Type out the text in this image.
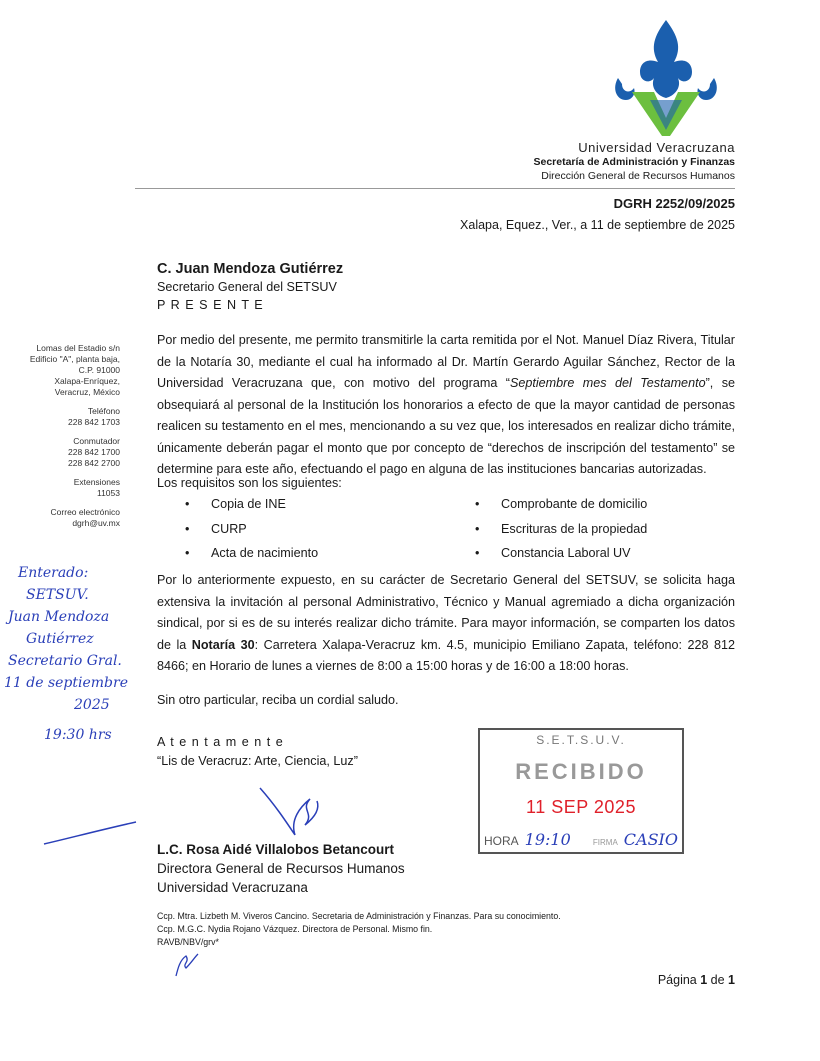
Universidad Veracruzana
Secretaría de Administración y Finanzas
Dirección General de Recursos Humanos
DGRH 2252/09/2025
Xalapa, Equez., Ver., a 11 de septiembre de 2025

Lomas del Estadio s/n
Edificio "A", planta baja,
C.P. 91000
Xalapa-Enríquez,
Veracruz, México

Teléfono
228 842 1703

Conmutador
228 842 1700
228 842 2700

Extensiones
11053

Correo electrónico
dgrh@uv.mx

C. Juan Mendoza Gutiérrez
Secretario General del SETSUV
P R E S E N T E
Por medio del presente, me permito transmitirle la carta remitida por el Not. Manuel Díaz Rivera, Titular de la Notaría 30, mediante el cual ha informado al Dr. Martín Gerardo Aguilar Sánchez, Rector de la Universidad Veracruzana que, con motivo del programa “Septiembre mes del Testamento”, se obsequiará al personal de la Institución los honorarios a efecto de que la mayor cantidad de personas realicen su testamento en el mes, mencionando a su vez que, los interesados en realizar dicho trámite, únicamente deberán pagar el monto que por concepto de “derechos de inscripción del testamento” se determine para este año, efectuando el pago en alguna de las instituciones bancarias autorizadas.
Los requisitos son los siguientes:
• Copia de INE	• Comprobante de domicilio
• CURP	• Escrituras de la propiedad
• Acta de nacimiento	• Constancia Laboral UV
Por lo anteriormente expuesto, en su carácter de Secretario General del SETSUV, se solicita haga extensiva la invitación al personal Administrativo, Técnico y Manual agremiado a dicha organización sindical, por si es de su interés realizar dicho trámite. Para mayor información, se comparten los datos de la Notaría 30: Carretera Xalapa-Veracruz km. 4.5, municipio Emiliano Zapata, teléfono: 228 812 8466; en Horario de lunes a viernes de 8:00 a 15:00 horas y de 16:00 a 18:00 horas.
Sin otro particular, reciba un cordial saludo.
A t e n t a m e n t e
“Lis de Veracruz: Arte, Ciencia, Luz”
L.C. Rosa Aidé Villalobos Betancourt
Directora General de Recursos Humanos
Universidad Veracruzana
Ccp. Mtra. Lizbeth M. Viveros Cancino. Secretaria de Administración y Finanzas. Para su conocimiento.
Ccp. M.G.C. Nydia Rojano Vázquez. Directora de Personal. Mismo fin.
RAVB/NBV/grv*
S.E.T.S.U.V.
RECIBIDO
11 SEP 2025
HORA 19:10	FIRMA CASIO
Enterado:
SETSUV.
Juan Mendoza
Gutiérrez
Secretario Gral.
11 de septiembre
2025
19:30 hrs
Página 1 de 1
